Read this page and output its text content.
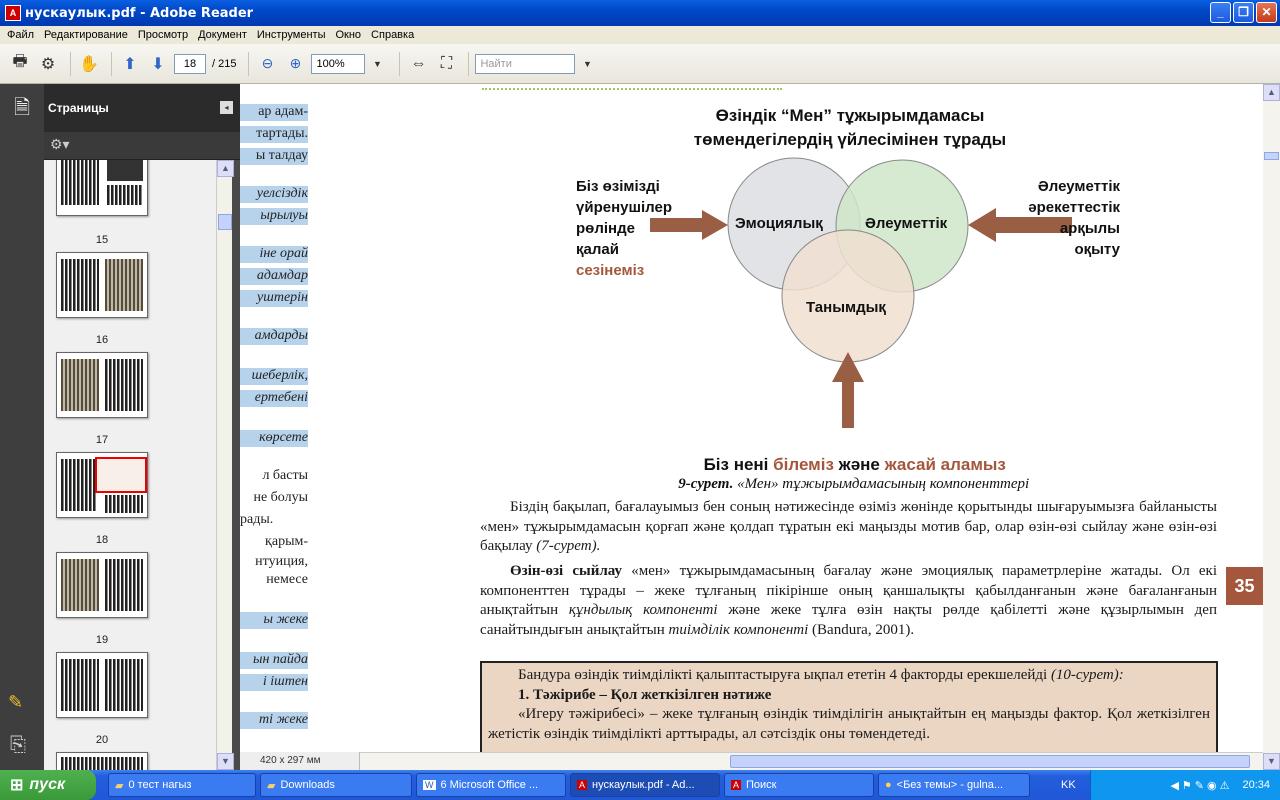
A нускаулык.pdf - Adobe Reader	_	❐	✕
Файл Редактирование Просмотр Документ Инструменты Окно Справка
🖶 ⚙	✋	⬆ ⬇	18	/ 215	⊖	⊕	100%	▼	⇔ ⛶	Найти	▼
🗎
✎
⎘
Страницы	◂
⚙▾
15
16
17
18
19
20
▲
▼
ар адам-
тартады.
ы талдау
уелсіздік
ырылуы
іне орай
адамдар
уштерін
амдарды
шеберлік,
ертебені
көрсете
л басты
не болуы
рады.
қарым-
нтуиция,
немесе
ы жеке
ын пайда
і іштен
ті жеке
Өзіндік “Мен” тұжырымдамасы
төмендегілердің үйлесімінен тұрады
Эмоциялық	Әлеуметтік
Танымдық
Біз өзімізді
үйренушілер
рөлінде
қалай
сезінеміз
Әлеуметтік
әрекеттестік
арқылы
оқыту

Біз нені білеміз және жасай аламыз

9-сурет. «Мен» тұжырымдамасының компоненттері

Біздің бақылап, бағалауымыз бен соның нәтижесінде өзіміз жөнінде қорытынды шығаруымызға байланысты «мен» тұжырымдамасын қорғап және қолдап тұратын екі маңызды мотив бар, олар өзін-өзі сыйлау және өзін-өзі бақылау (7-сурет).
Өзін-өзі сыйлау «мен» тұжырымдамасының бағалау және эмоциялық параметрлеріне жатады. Ол екі компоненттен тұрады – жеке тұлғаның пікірінше оның қаншалықты қабылданғанын және бағаланғанын анықтайтын құндылық компоненті және жеке тұлға өзін нақты рөлде қабілетті және құзырлымын деп санайтындығын анықтайтын тиімділік компоненті (Bandura, 2001).
35
Бандура өзіндік тиімділікті қалыптастыруға ықпал ететін 4 факторды ерекшелейді (10-сурет):
1. Тәжірибе – Қол жеткізілген нәтиже
«Игеру тәжірибесі» – жеке тұлғаның өзіндік тиімділігін анықтайтын ең маңызды фактор. Қол жеткізілген жетістік өзіндік тиімділікті арттырады, ал сәтсіздік оны төмендетеді.
▲
▼
420 x 297 мм
⊞ пуск	▰ 0 тест нагыз	▰ Downloads	W 6 Microsoft Office ...	A нускаулык.pdf - Ad...	A Поиск	● <Без темы> - gulna...	KK	◀⚑✎◉⚠ 20:34
